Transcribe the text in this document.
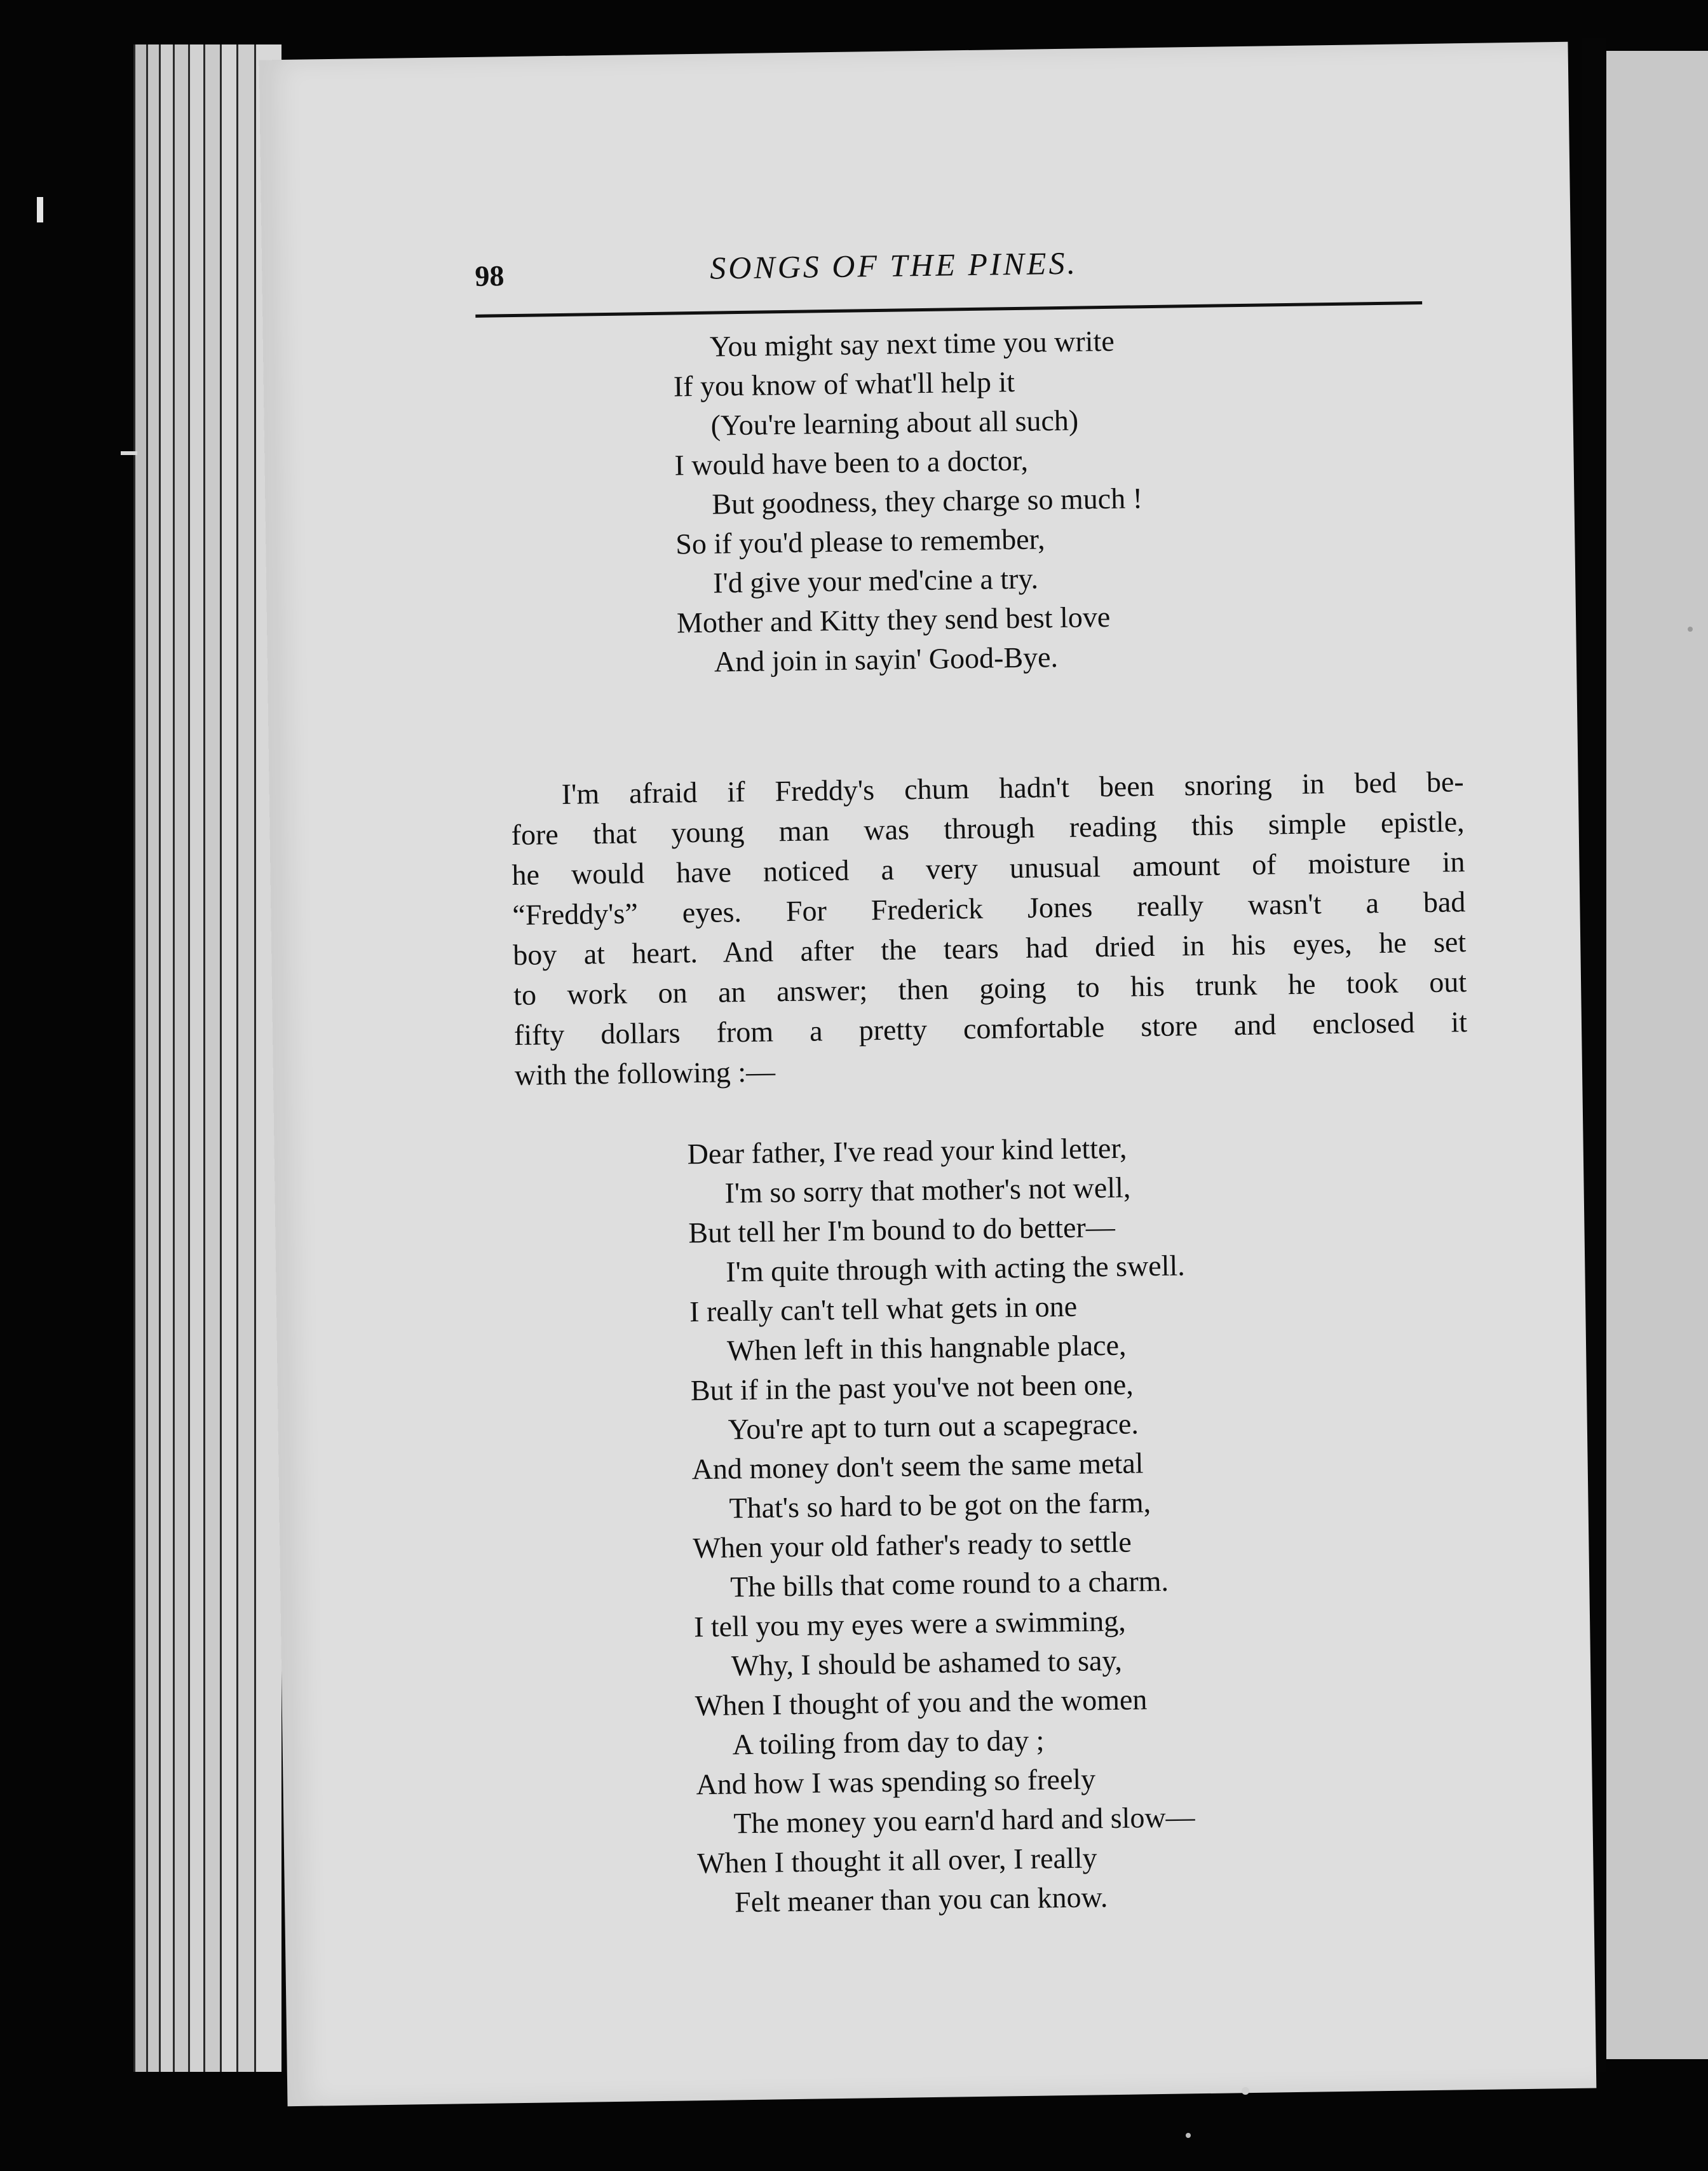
98	SONGS OF THE PINES.
You might say next time you write
If you know of what'll help it
(You're learning about all such)
I would have been to a doctor,
But goodness, they charge so much !
So if you'd please to remember,
I'd give your med'cine a try.
Mother and Kitty they send best love
And join in sayin' Good-Bye.
I'm afraid if Freddy's chum hadn't been snoring in bed be-
fore that young man was through reading this simple epistle,
he would have noticed a very unusual amount of moisture in
“Freddy's” eyes. For Frederick Jones really wasn't a bad
boy at heart. And after the tears had dried in his eyes, he set
to work on an answer; then going to his trunk he took out
fifty dollars from a pretty comfortable store and enclosed it
with the following :—
Dear father, I've read your kind letter,
I'm so sorry that mother's not well,
But tell her I'm bound to do better—
I'm quite through with acting the swell.
I really can't tell what gets in one
When left in this hangnable place,
But if in the past you've not been one,
You're apt to turn out a scapegrace.
And money don't seem the same metal
That's so hard to be got on the farm,
When your old father's ready to settle
The bills that come round to a charm.
I tell you my eyes were a swimming,
Why, I should be ashamed to say,
When I thought of you and the women
A toiling from day to day ;
And how I was spending so freely
The money you earn'd hard and slow—
When I thought it all over, I really
Felt meaner than you can know.
